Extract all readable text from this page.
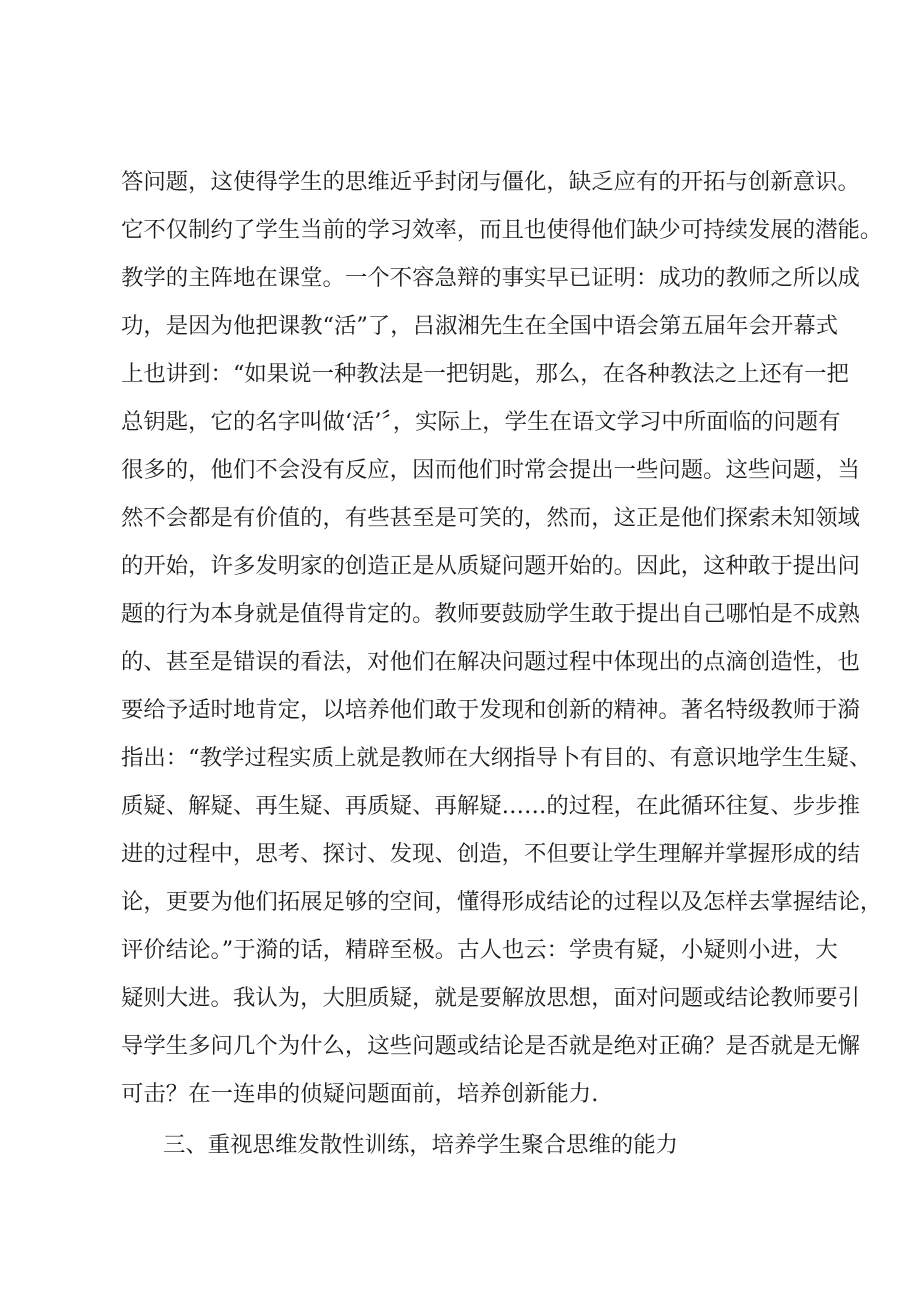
答问题，这使得学生的思维近乎封闭与僵化，缺乏应有的开拓与创新意识。
它不仅制约了学生当前的学习效率，而且也使得他们缺少可持续发展的潜能。
教学的主阵地在课堂。一个不容急辩的事实早已证明：成功的教师之所以成
功，是因为他把课教“活”了，吕淑湘先生在全国中语会第五届年会开幕式
上也讲到：“如果说一种教法是一把钥匙，那么，在各种教法之上还有一把
总钥匙，它的名字叫做‘活’〞，实际上，学生在语文学习中所面临的问题有
很多的，他们不会没有反应，因而他们时常会提出一些问题。这些问题，当
然不会都是有价值的，有些甚至是可笑的，然而，这正是他们探索未知领域
的开始，许多发明家的创造正是从质疑问题开始的。因此，这种敢于提出问
题的行为本身就是值得肯定的。教师要鼓励学生敢于提出自己哪怕是不成熟
的、甚至是错误的看法，对他们在解决问题过程中体现出的点滴创造性，也
要给予适时地肯定，以培养他们敢于发现和创新的精神。著名特级教师于漪
指出：“教学过程实质上就是教师在大纲指导卜有目的、有意识地学生生疑、
质疑、解疑、再生疑、再质疑、再解疑……的过程，在此循环往复、步步推
进的过程中，思考、探讨、发现、创造，不但要让学生理解并掌握形成的结
论，更要为他们拓展足够的空间，懂得形成结论的过程以及怎样去掌握结论，
评价结论。”于漪的话，精辟至极。古人也云：学贵有疑，小疑则小进，大
疑则大进。我认为，大胆质疑，就是要解放思想，面对问题或结论教师要引
导学生多问几个为什么，这些问题或结论是否就是绝对正确？是否就是无懈
可击？在一连串的侦疑问题面前，培养创新能力.
三、重视思维发散性训练，培养学生聚合思维的能力
